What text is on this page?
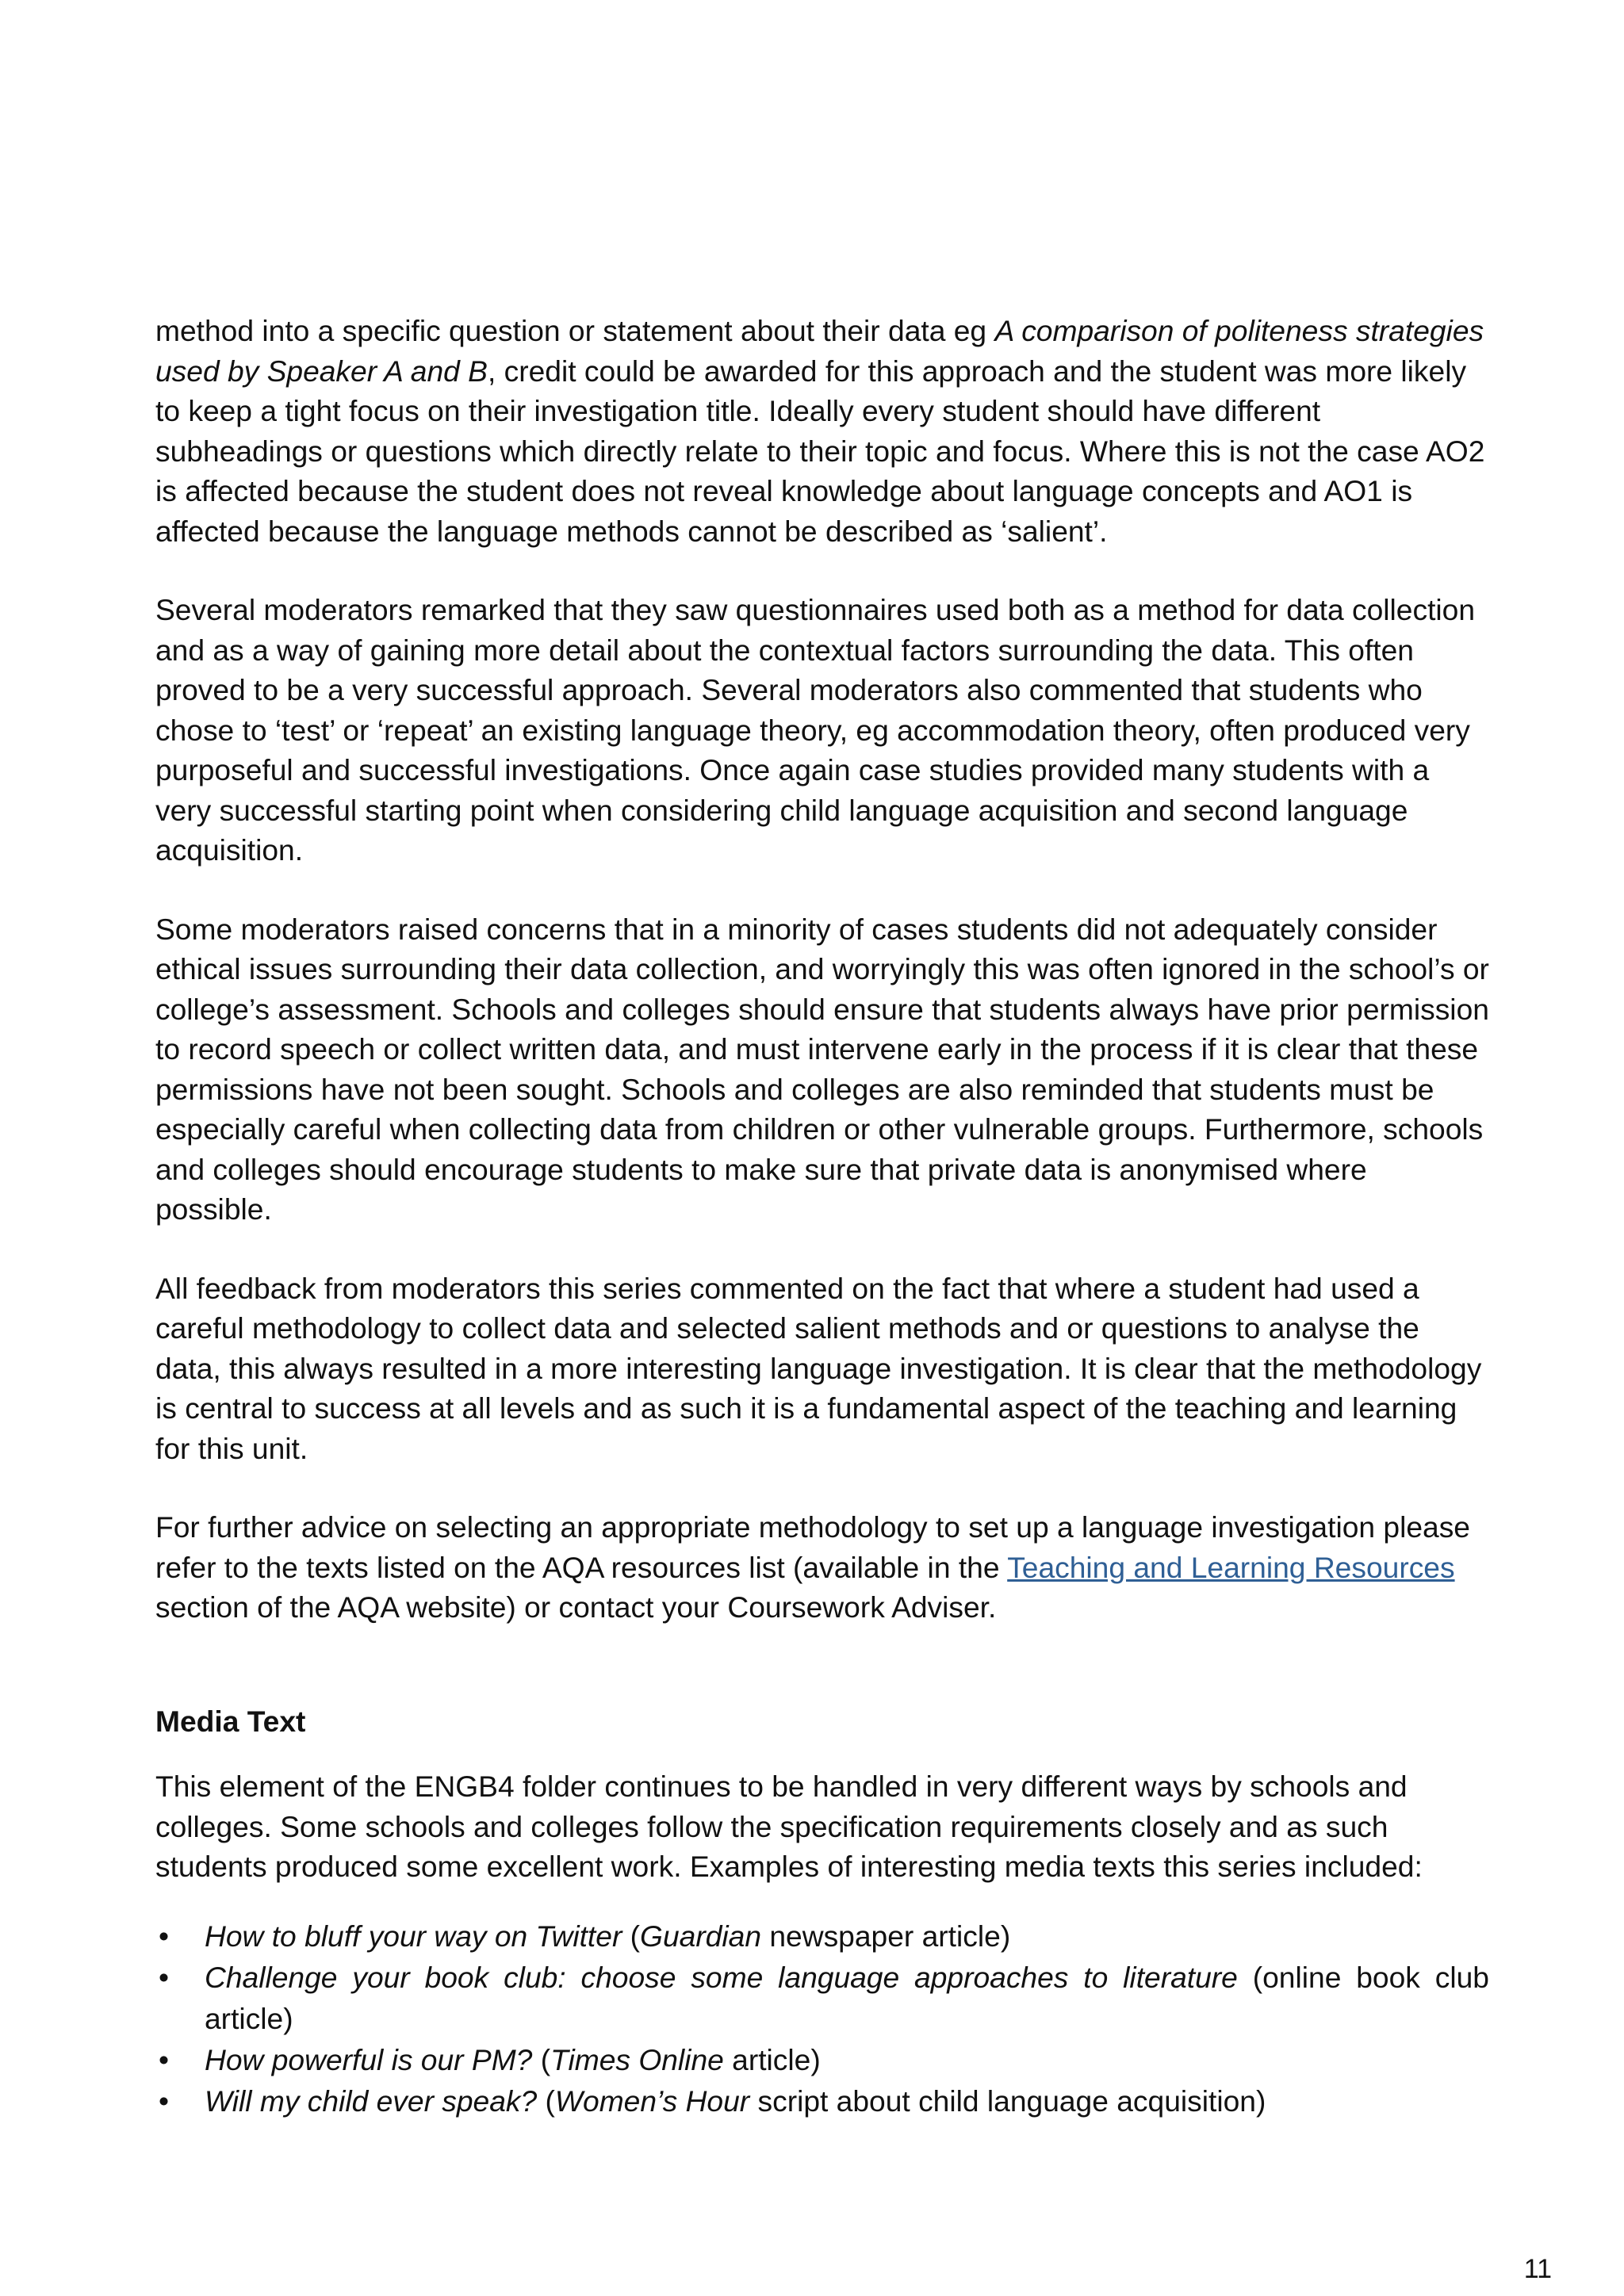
method into a specific question or statement about their data eg A comparison of politeness strategies used by Speaker A and B, credit could be awarded for this approach and the student was more likely to keep a tight focus on their investigation title. Ideally every student should have different subheadings or questions which directly relate to their topic and focus. Where this is not the case AO2 is affected because the student does not reveal knowledge about language concepts and AO1 is affected because the language methods cannot be described as ‘salient’.

Several moderators remarked that they saw questionnaires used both as a method for data collection and as a way of gaining more detail about the contextual factors surrounding the data. This often proved to be a very successful approach. Several moderators also commented that students who chose to ‘test’ or ‘repeat’ an existing language theory, eg accommodation theory, often produced very purposeful and successful investigations. Once again case studies provided many students with a very successful starting point when considering child language acquisition and second language acquisition.

Some moderators raised concerns that in a minority of cases students did not adequately consider ethical issues surrounding their data collection, and worryingly this was often ignored in the school’s or college’s assessment. Schools and colleges should ensure that students always have prior permission to record speech or collect written data, and must intervene early in the process if it is clear that these permissions have not been sought. Schools and colleges are also reminded that students must be especially careful when collecting data from children or other vulnerable groups. Furthermore, schools and colleges should encourage students to make sure that private data is anonymised where possible.

All feedback from moderators this series commented on the fact that where a student had used a careful methodology to collect data and selected salient methods and or questions to analyse the data, this always resulted in a more interesting language investigation. It is clear that the methodology is central to success at all levels and as such it is a fundamental aspect of the teaching and learning for this unit.

For further advice on selecting an appropriate methodology to set up a language investigation please refer to the texts listed on the AQA resources list (available in the Teaching and Learning Resources section of the AQA website) or contact your Coursework Adviser.

Media Text

This element of the ENGB4 folder continues to be handled in very different ways by schools and colleges. Some schools and colleges follow the specification requirements closely and as such students produced some excellent work. Examples of interesting media texts this series included:

• How to bluff your way on Twitter (Guardian newspaper article)
• Challenge your book club: choose some language approaches to literature (online book club article)
• How powerful is our PM? (Times Online article)
• Will my child ever speak? (Women’s Hour script about child language acquisition)
11
